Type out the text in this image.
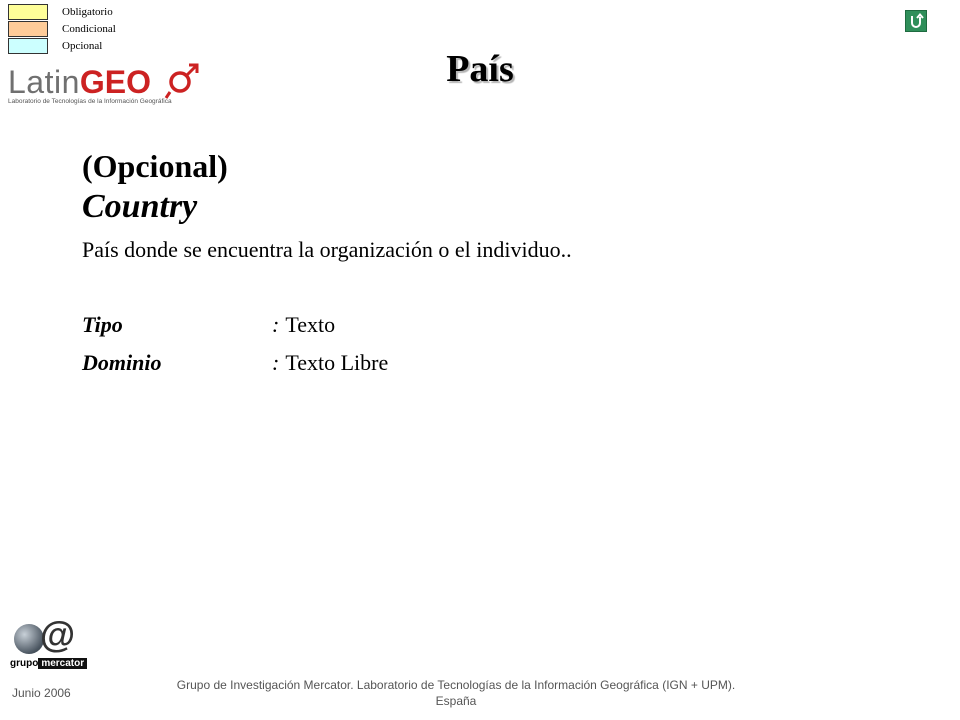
Obligatorio
Condicional
Opcional
LatinGEO
Laboratorio de Tecnologías de la Información Geográfica
País

(Opcional)

Country

País donde se encuentra la organización o el individuo..

Tipo	: Texto
Dominio	: Texto Libre
@
grupo mercator
Junio 2006
Grupo de Investigación Mercator. Laboratorio de Tecnologías de la Información Geográfica (IGN + UPM).
España
